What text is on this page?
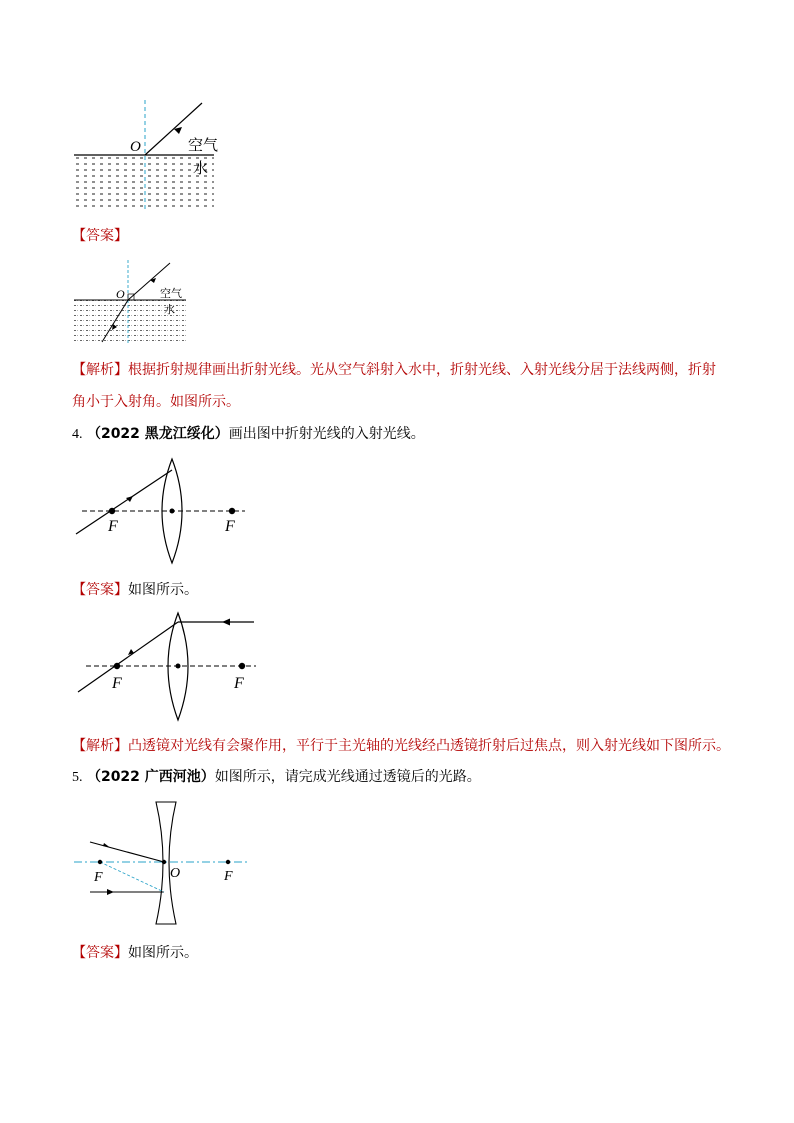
O	空气
水
【答案】
O	空气
水
【解析】根据折射规律画出折射光线。光从空气斜射入水中，折射光线、入射光线分居于法线两侧，折射
角小于入射角。如图所示。
4. （2022 黑龙江绥化）画出图中折射光线的入射光线。
F	F
【答案】如图所示。
F	F
【解析】凸透镜对光线有会聚作用，平行于主光轴的光线经凸透镜折射后过焦点，则入射光线如下图所示。
5. （2022 广西河池）如图所示，请完成光线通过透镜后的光路。
F	O	F
【答案】如图所示。
